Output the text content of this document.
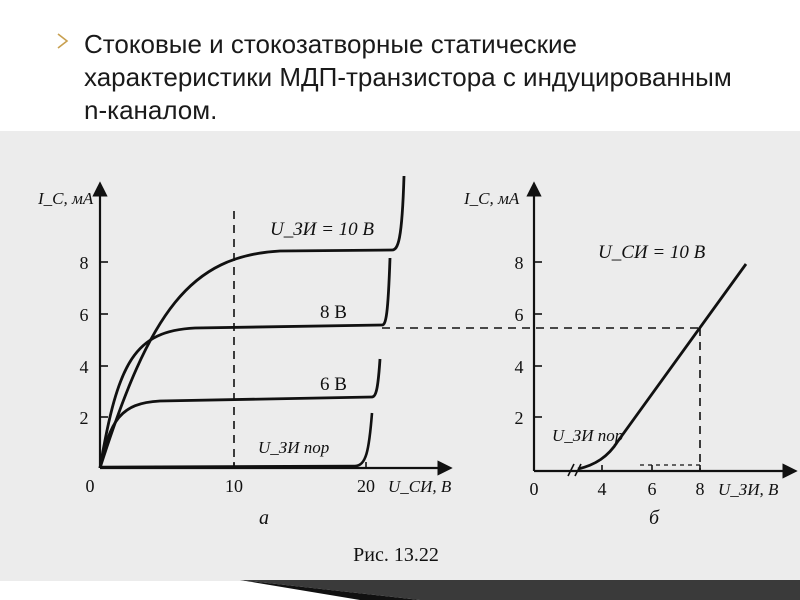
Стоковые и стокозатворные статические характеристики МДП-транзистора с индуцированным n-каналом.
8
6
4
2
0	10	20
I_C, мА
U_СИ, В
U_ЗИ = 10 В
8 В
6 В
U_ЗИ пор
а
8
6
4
2
0	4 6 8
I_C, мА
U_ЗИ, В
U_СИ = 10 В
U_ЗИ пор
б
Рис. 13.22
